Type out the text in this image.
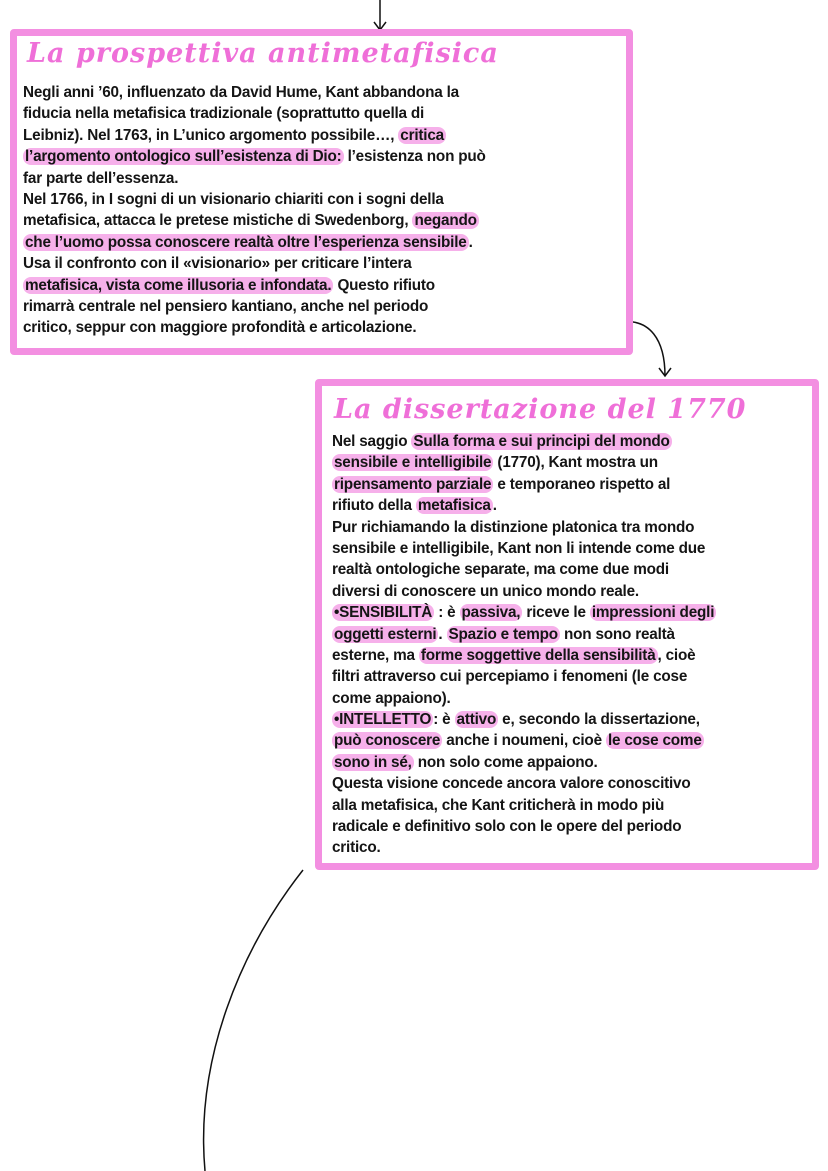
La prospettiva antimetafisica
Negli anni ’60, influenzato da David Hume, Kant abbandona la
fiducia nella metafisica tradizionale (soprattutto quella di
Leibniz). Nel 1763, in L’unico argomento possibile…, critica
l’argomento ontologico sull’esistenza di Dio: l’esistenza non può
far parte dell’essenza.
Nel 1766, in I sogni di un visionario chiariti con i sogni della
metafisica, attacca le pretese mistiche di Swedenborg, negando
che l’uomo possa conoscere realtà oltre l’esperienza sensibile .
Usa il confronto con il «visionario» per criticare l’intera
metafisica, vista come illusoria e infondata. Questo rifiuto
rimarrà centrale nel pensiero kantiano, anche nel periodo
critico, seppur con maggiore profondità e articolazione.
La dissertazione del 1770
Nel saggio Sulla forma e sui principi del mondo
sensibile e intelligibile (1770), Kant mostra un
ripensamento parziale e temporaneo rispetto al
rifiuto della metafisica .
Pur richiamando la distinzione platonica tra mondo
sensibile e intelligibile, Kant non li intende come due
realtà ontologiche separate, ma come due modi
diversi di conoscere un unico mondo reale.
•SENSIBILITÀ : è passiva, riceve le impressioni degli
oggetti esterni . Spazio e tempo non sono realtà
esterne, ma forme soggettive della sensibilità , cioè
filtri attraverso cui percepiamo i fenomeni (le cose
come appaiono).
•INTELLETTO : è attivo e, secondo la dissertazione,
può conoscere anche i noumeni, cioè le cose come
sono in sé, non solo come appaiono.
Questa visione concede ancora valore conoscitivo
alla metafisica, che Kant criticherà in modo più
radicale e definitivo solo con le opere del periodo
critico.
